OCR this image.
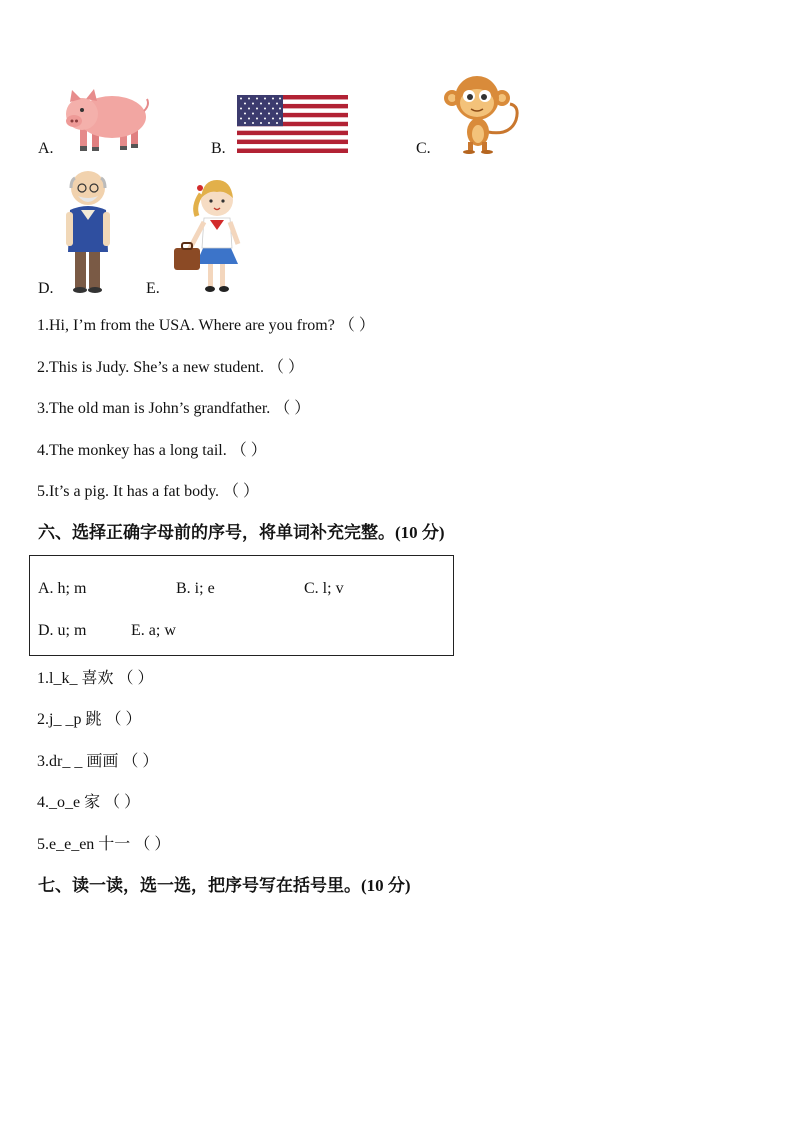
A.	B.	C.
D.	E.
1.Hi, I’m from the USA. Where are you from? （ ）
2.This is Judy. She’s a new student. （ ）
3.The old man is John’s grandfather. （ ）
4.The monkey has a long tail. （ ）
5.It’s a pig. It has a fat body. （ ）
六、选择正确字母前的序号，将单词补充完整。(10 分)
A. h; m	B. i; e	C. l; v
D. u; m	E. a; w
1.l_k_ 喜欢 （ ）
2.j_ _p 跳 （ ）
3.dr_ _ 画画 （ ）
4._o_e 家 （ ）
5.e_e_en 十一 （ ）
七、读一读，选一选，把序号写在括号里。(10 分)
